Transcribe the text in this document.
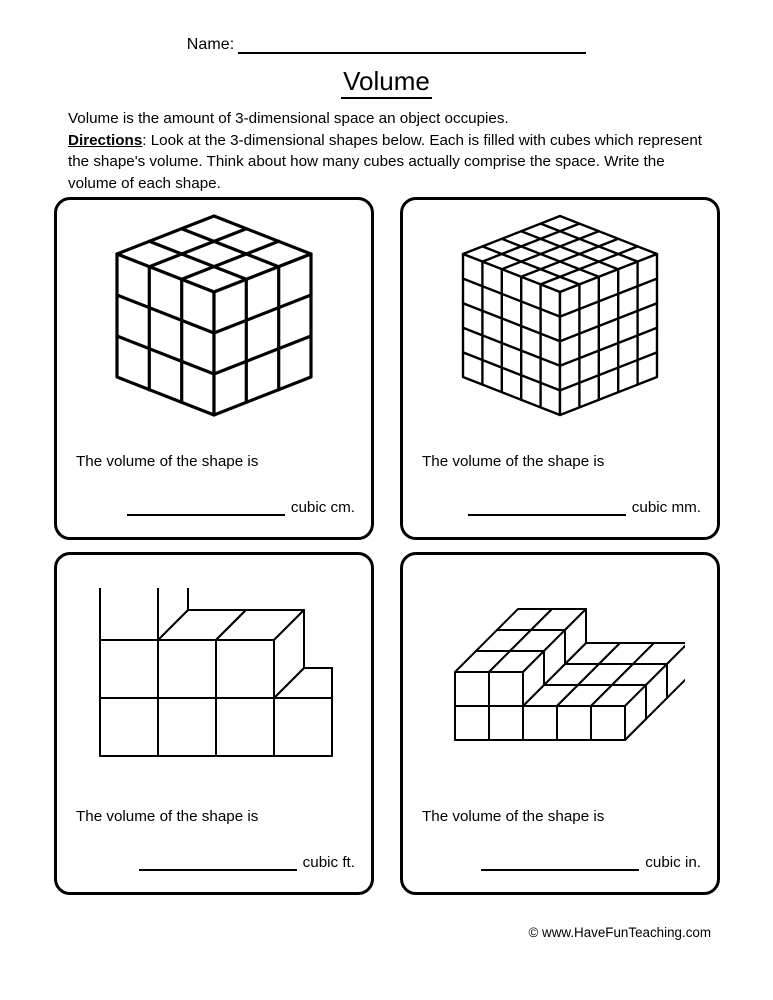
Name:
Volume
Volume is the amount of 3-dimensional space an object occupies.
Directions: Look at the 3-dimensional shapes below. Each is filled with cubes which represent the shape's volume. Think about how many cubes actually comprise the space. Write the volume of each shape.
The volume of the shape is
cubic cm.
The volume of the shape is
cubic mm.
The volume of the shape is
cubic ft.
The volume of the shape is
cubic in.
© www.HaveFunTeaching.com
